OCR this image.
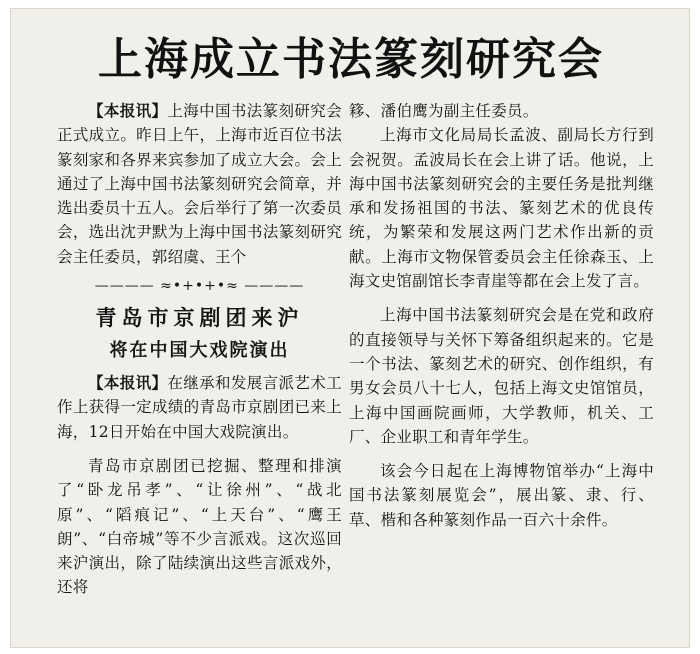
上海成立书法篆刻研究会

【本报讯】上海中国书法篆刻研究会正式成立。昨日上午，上海市近百位书法篆刻家和各界来宾参加了成立大会。会上通过了上海中国书法篆刻研究会简章，并选出委员十五人。会后举行了第一次委员会，选出沈尹默为上海中国书法篆刻研究会主任委员，郭绍虞、王个

———— ≈•+•+•≈ ————
青岛市京剧团来沪
将在中国大戏院演出

【本报讯】在继承和发展言派艺术工作上获得一定成绩的青岛市京剧团已来上海，12日开始在中国大戏院演出。

青岛市京剧团已挖掘、整理和排演了“卧龙吊孝”、“让徐州”、“战北原”、“䧟痕记”、“上天台”、“鹰王朗”、“白帝城”等不少言派戏。这次巡回来沪演出，除了陆续演出这些言派戏外，还将

簃、潘伯鹰为副主任委员。

上海市文化局局长孟波、副局长方行到会祝贺。孟波局长在会上讲了话。他说，上海中国书法篆刻研究会的主要任务是批判继承和发扬祖国的书法、篆刻艺术的优良传统，为繁荣和发展这两门艺术作出新的贡献。上海市文物保管委员会主任徐森玉、上海文史馆副馆长李青崖等都在会上发了言。

上海中国书法篆刻研究会是在党和政府的直接领导与关怀下筹备组织起来的。它是一个书法、篆刻艺术的研究、创作组织，有男女会员八十七人，包括上海文史馆馆员，上海中国画院画师，大学教师，机关、工厂、企业职工和青年学生。

该会今日起在上海博物馆举办“上海中国书法篆刻展览会”，展出篆、隶、行、草、楷和各种篆刻作品一百六十余件。
